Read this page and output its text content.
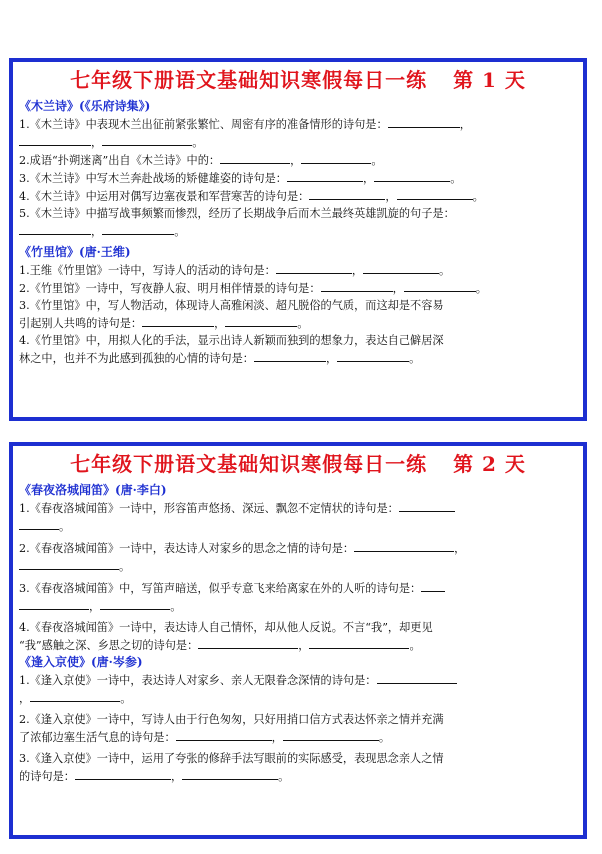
七年级下册语文基础知识寒假每日一练 第 1 天
《木兰诗》(《乐府诗集》)
1.《木兰诗》中表现木兰出征前紧张繁忙、周密有序的准备情形的诗句是：	，
，	。
2.成语“扑朔迷离”出自《木兰诗》中的：	，	。
3.《木兰诗》中写木兰奔赴战场的矫健雄姿的诗句是：	，	。
4.《木兰诗》中运用对偶写边塞夜景和军营寒苦的诗句是：	，	。
5.《木兰诗》中描写战事频繁而惨烈，经历了长期战争后而木兰最终英雄凯旋的句子是：
，	。
《竹里馆》(唐·王维)
1.王维《竹里馆》一诗中，写诗人的活动的诗句是：	，	。
2.《竹里馆》一诗中，写夜静人寂、明月相伴情景的诗句是：	，	。
3.《竹里馆》中，写人物活动，体现诗人高雅闲淡、超凡脱俗的气质，而这却是不容易
引起别人共鸣的诗句是：	，	。
4.《竹里馆》中，用拟人化的手法，显示出诗人新颖而独到的想象力，表达自己僻居深
林之中，也并不为此感到孤独的心情的诗句是：	，	。
七年级下册语文基础知识寒假每日一练 第 2 天
《春夜洛城闻笛》(唐·李白)
1.《春夜洛城闻笛》一诗中，形容笛声悠扬、深远、飘忽不定情状的诗句是：
。
2.《春夜洛城闻笛》一诗中，表达诗人对家乡的思念之情的诗句是：	，
。
3.《春夜洛城闻笛》中，写笛声暗送，似乎专意飞来给离家在外的人听的诗句是：
，	。
4.《春夜洛城闻笛》一诗中，表达诗人自己情怀，却从他人反说。不言“我”，却更见
“我”感触之深、乡思之切的诗句是：	，	。
《逢入京使》(唐·岑参)
1.《逢入京使》一诗中，表达诗人对家乡、亲人无限眷念深情的诗句是：
，	。
2.《逢入京使》一诗中，写诗人由于行色匆匆，只好用捎口信方式表达怀亲之情并充满
了浓郁边塞生活气息的诗句是：	，	。
3.《逢入京使》一诗中，运用了夸张的修辞手法写眼前的实际感受，表现思念亲人之情
的诗句是：	，	。
